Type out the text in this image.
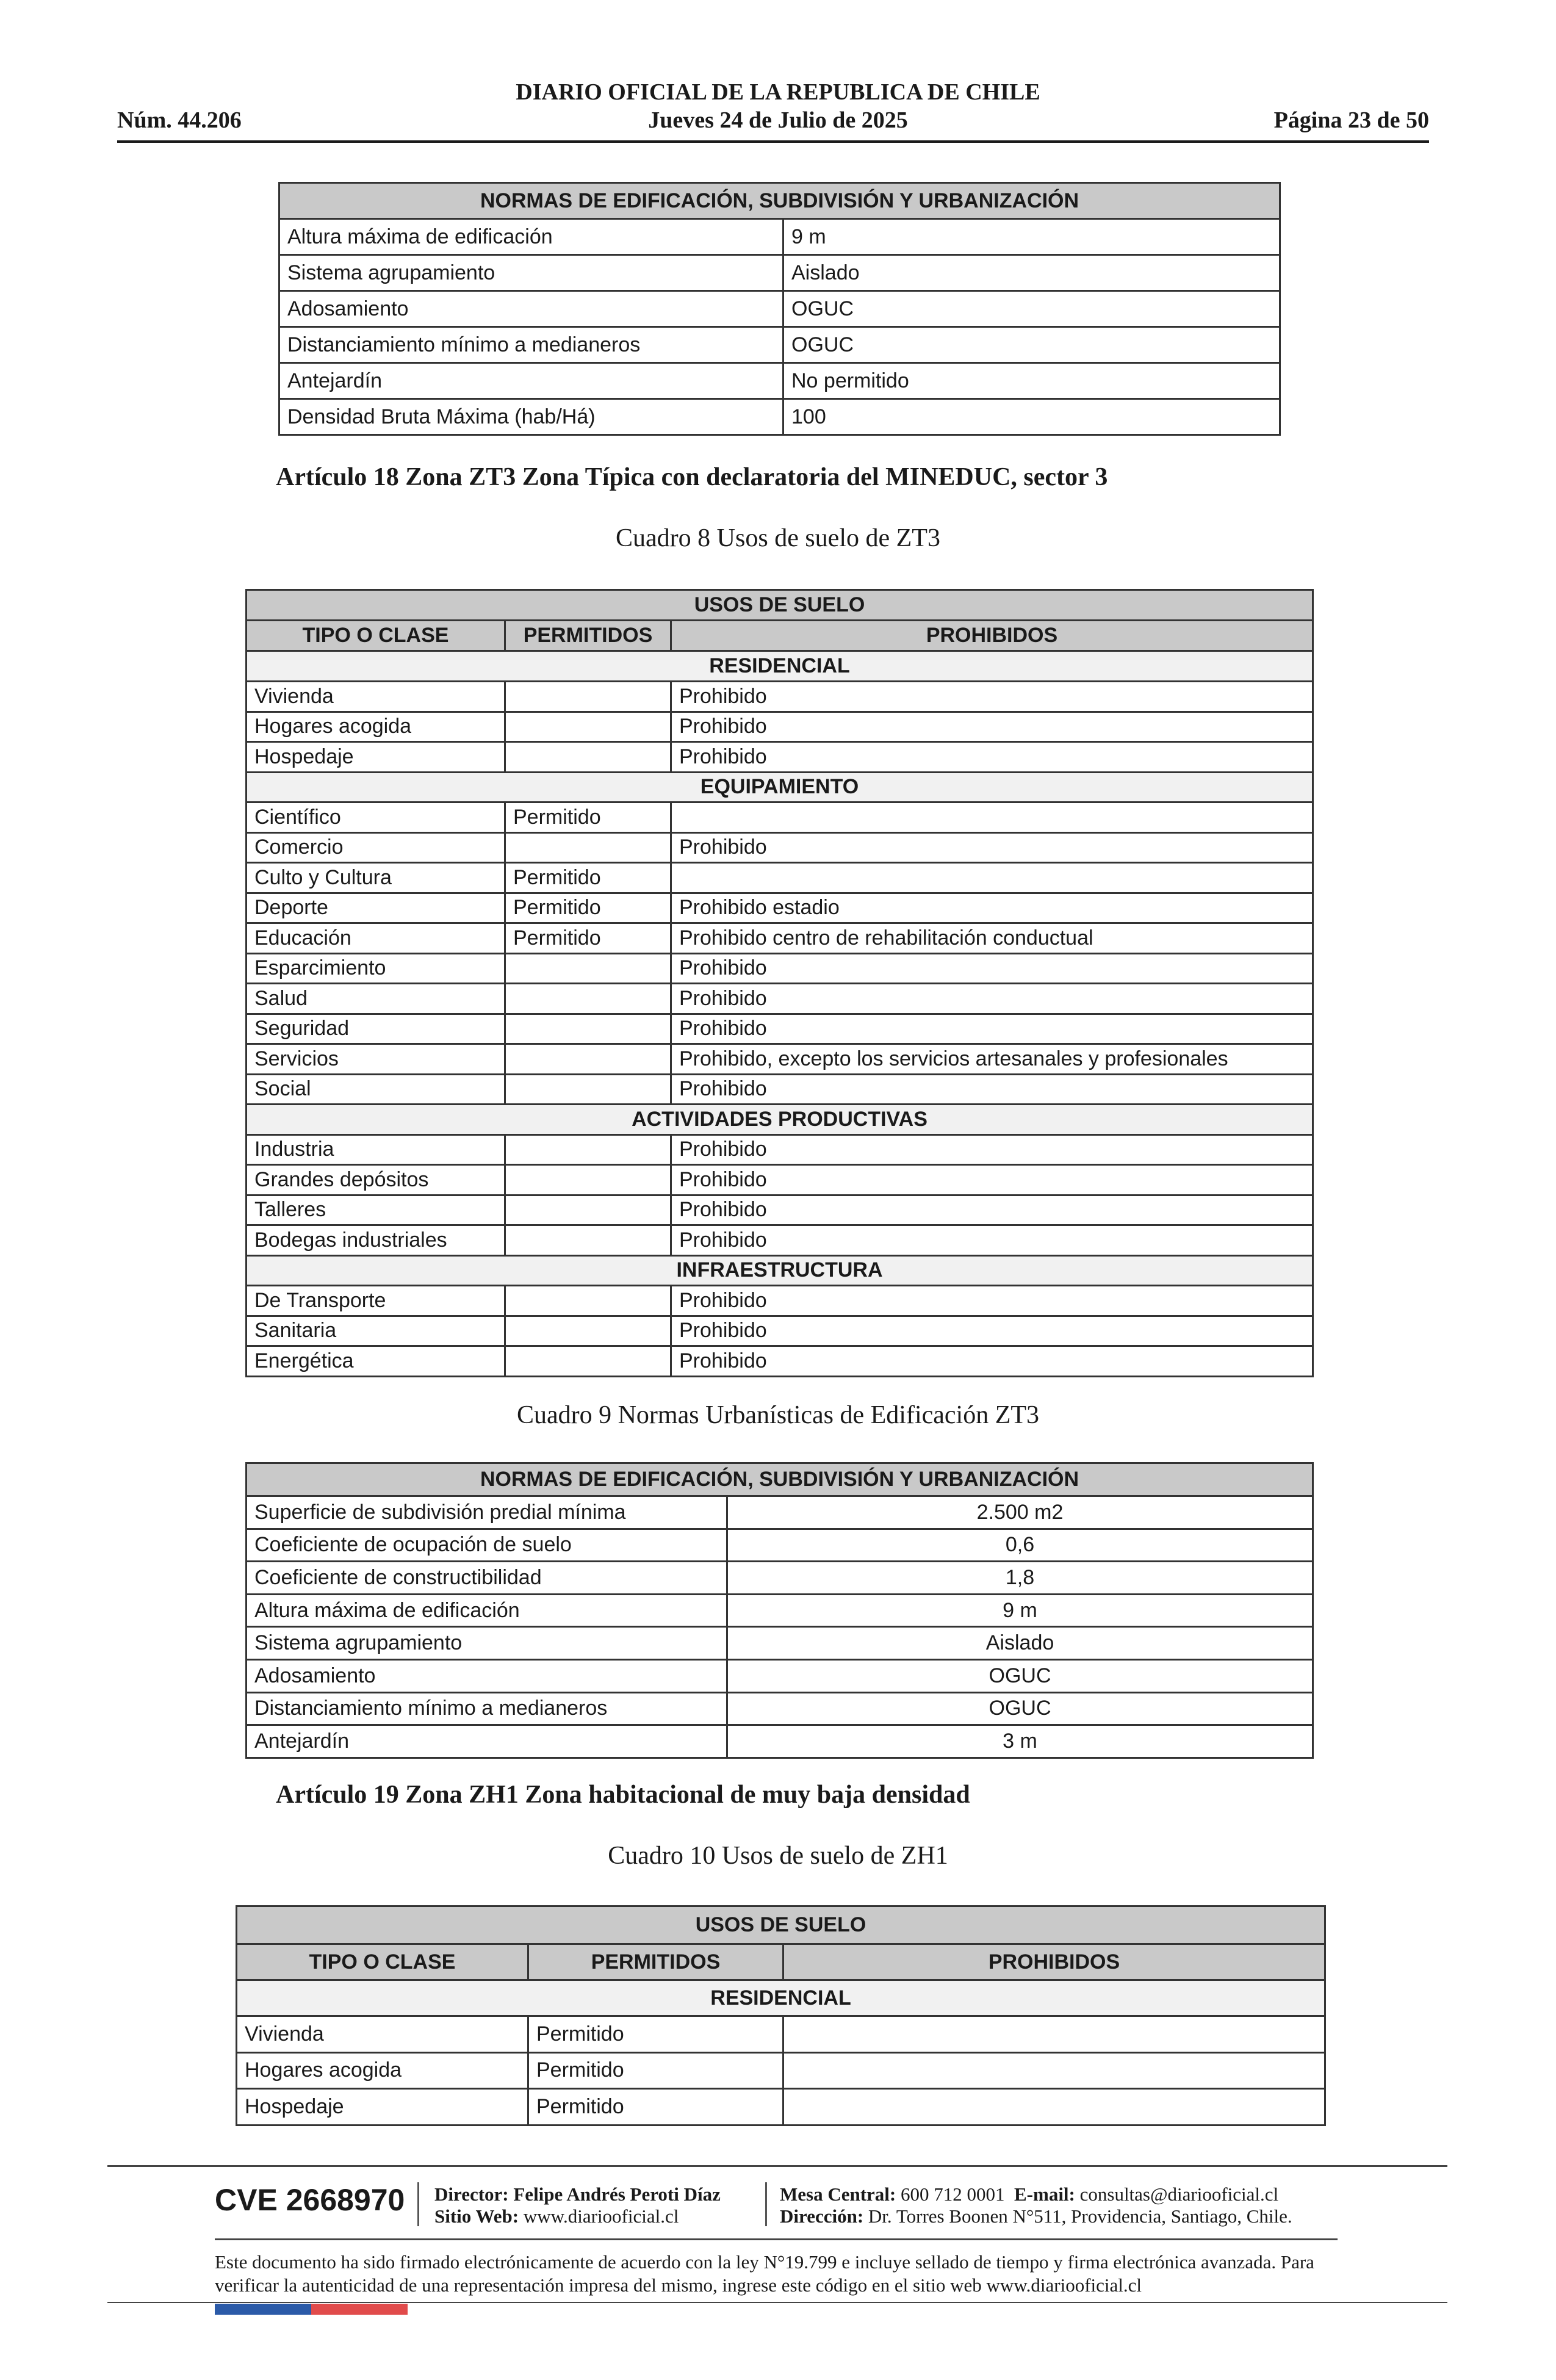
DIARIO OFICIAL DE LA REPUBLICA DE CHILE
Núm. 44.206	Jueves 24 de Julio de 2025	Página 23 de 50
NORMAS DE EDIFICACIÓN, SUBDIVISIÓN Y URBANIZACIÓN	
Altura máxima de edificación	9 m
Sistema agrupamiento	Aislado
Adosamiento	OGUC
Distanciamiento mínimo a medianeros	OGUC
Antejardín	No permitido
Densidad Bruta Máxima (hab/Há)	100
Artículo 18 Zona ZT3 Zona Típica con declaratoria del MINEDUC, sector 3
Cuadro 8 Usos de suelo de ZT3
USOS DE SUELO		
TIPO O CLASE	PERMITIDOS	PROHIBIDOS
RESIDENCIAL		
Vivienda		Prohibido
Hogares acogida		Prohibido
Hospedaje		Prohibido
EQUIPAMIENTO		
Científico	Permitido	
Comercio		Prohibido
Culto y Cultura	Permitido	
Deporte	Permitido	Prohibido estadio
Educación	Permitido	Prohibido centro de rehabilitación conductual
Esparcimiento		Prohibido
Salud		Prohibido
Seguridad		Prohibido
Servicios		Prohibido, excepto los servicios artesanales y profesionales
Social		Prohibido
ACTIVIDADES PRODUCTIVAS		
Industria		Prohibido
Grandes depósitos		Prohibido
Talleres		Prohibido
Bodegas industriales		Prohibido
INFRAESTRUCTURA		
De Transporte		Prohibido
Sanitaria		Prohibido
Energética		Prohibido
Cuadro 9 Normas Urbanísticas de Edificación ZT3
NORMAS DE EDIFICACIÓN, SUBDIVISIÓN Y URBANIZACIÓN	
Superficie de subdivisión predial mínima	2.500 m2
Coeficiente de ocupación de suelo	0,6
Coeficiente de constructibilidad	1,8
Altura máxima de edificación	9 m
Sistema agrupamiento	Aislado
Adosamiento	OGUC
Distanciamiento mínimo a medianeros	OGUC
Antejardín	3 m
Artículo 19 Zona ZH1 Zona habitacional de muy baja densidad
Cuadro 10 Usos de suelo de ZH1
USOS DE SUELO		
TIPO O CLASE	PERMITIDOS	PROHIBIDOS
RESIDENCIAL		
Vivienda	Permitido	
Hogares acogida	Permitido	
Hospedaje	Permitido	
CVE 2668970 Director: Felipe Andrés Peroti Díaz
Sitio Web: www.diariooficial.cl
Mesa Central: 600 712 0001 E-mail: consultas@diariooficial.cl
Dirección: Dr. Torres Boonen N°511, Providencia, Santiago, Chile.
Este documento ha sido firmado electrónicamente de acuerdo con la ley N°19.799 e incluye sellado de tiempo y firma electrónica avanzada. Para verificar la autenticidad de una representación impresa del mismo, ingrese este código en el sitio web www.diariooficial.cl
